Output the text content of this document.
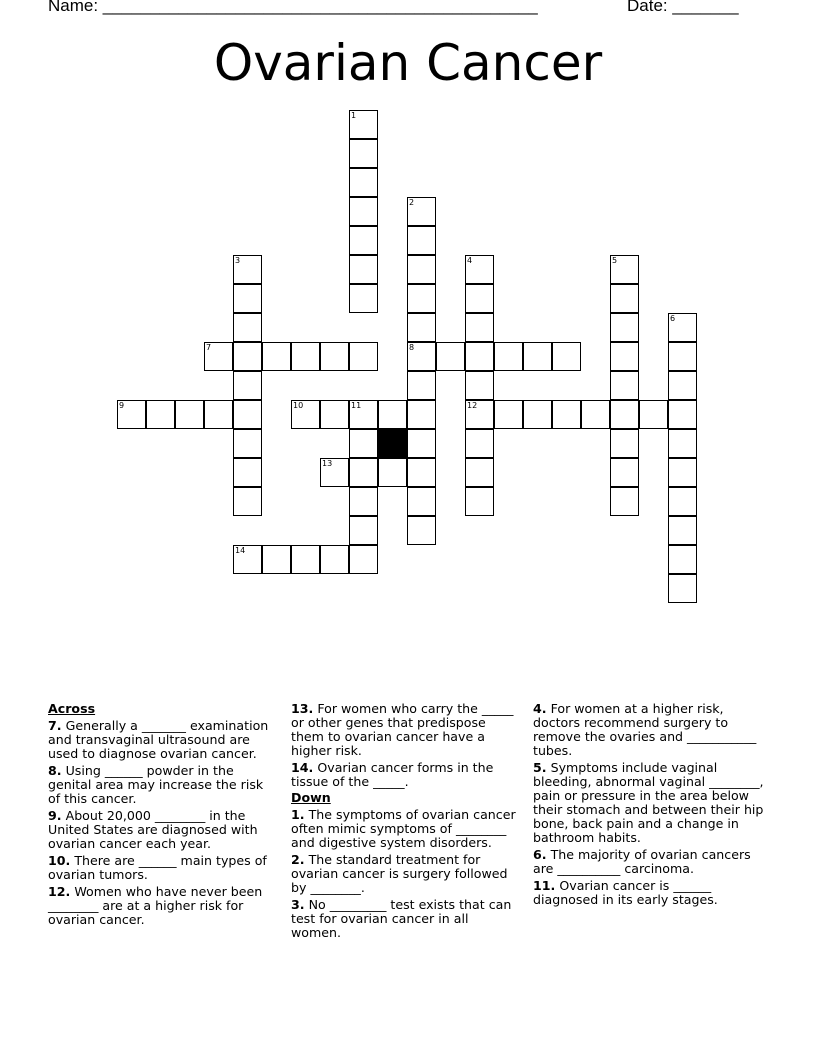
Name: ______________________________________________	Date: _______
Ovarian Cancer
1
2
8
3	4
12
5
6
7
9	10	11
13
14
Across
7. Generally a _______ examination and transvaginal ultrasound are used to diagnose ovarian cancer.
8. Using ______ powder in the genital area may increase the risk of this cancer.
9. About 20,000 ________ in the United States are diagnosed with ovarian cancer each year.
10. There are ______ main types of ovarian tumors.
12. Women who have never been ________ are at a higher risk for ovarian cancer.
13. For women who carry the _____ or other genes that predispose them to ovarian cancer have a higher risk.
14. Ovarian cancer forms in the tissue of the _____.
Down
1. The symptoms of ovarian cancer often mimic symptoms of ________ and digestive system disorders.
2. The standard treatment for ovarian cancer is surgery followed by ________.
3. No _________ test exists that can test for ovarian cancer in all women.
4. For women at a higher risk, doctors recommend surgery to remove the ovaries and ___________ tubes.
5. Symptoms include vaginal bleeding, abnormal vaginal ________, pain or pressure in the area below their stomach and between their hip bone, back pain and a change in bathroom habits.
6. The majority of ovarian cancers are __________ carcinoma.
11. Ovarian cancer is ______ diagnosed in its early stages.
